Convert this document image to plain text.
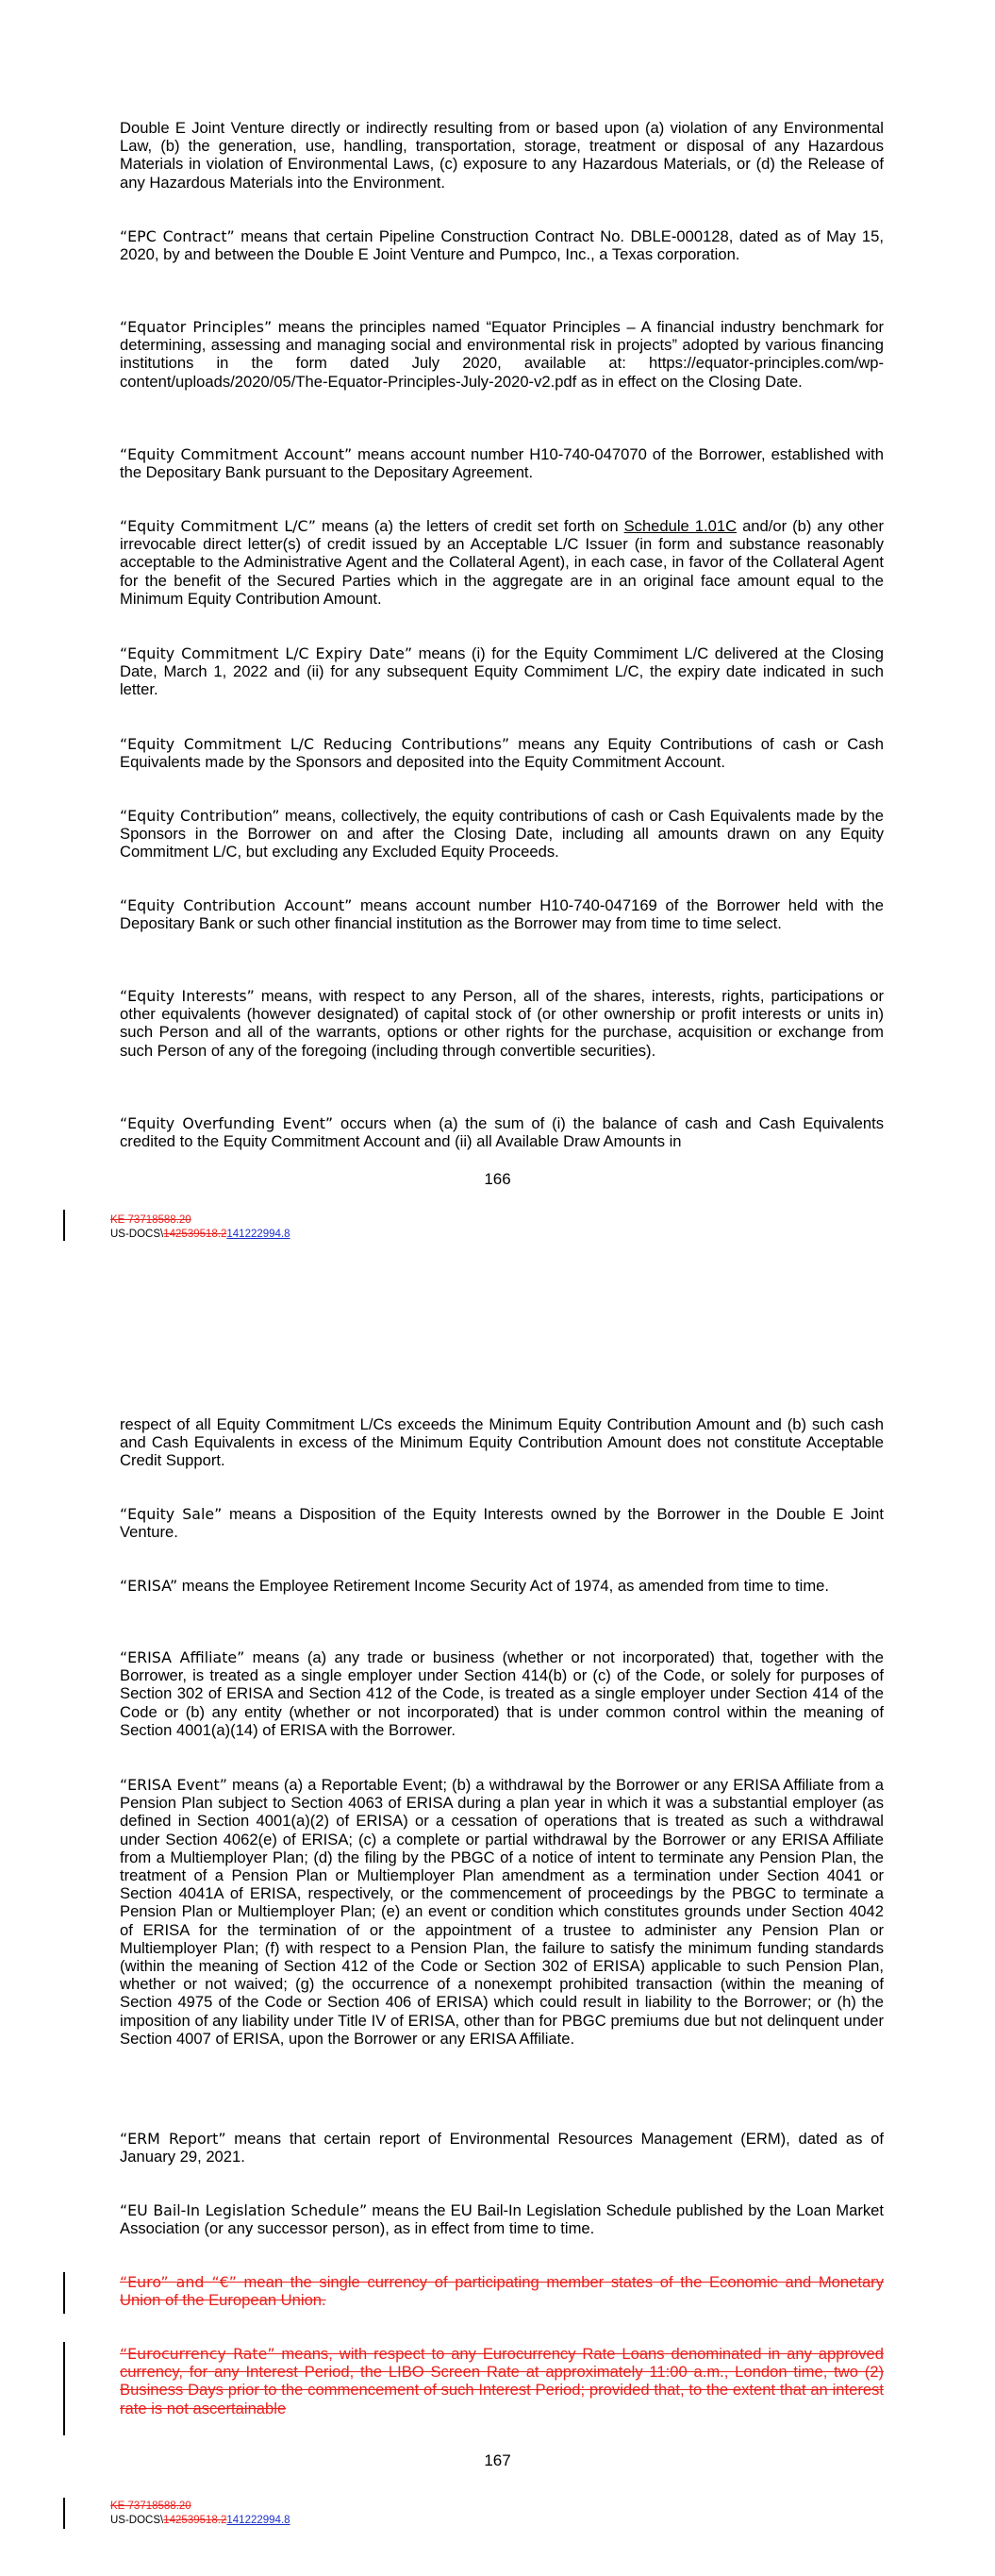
Double E Joint Venture directly or indirectly resulting from or based upon (a) violation of any Environmental Law, (b) the generation, use, handling, transportation, storage, treatment or disposal of any Hazardous Materials in violation of Environmental Laws, (c) exposure to any Hazardous Materials, or (d) the Release of any Hazardous Materials into the Environment.

“EPC Contract” means that certain Pipeline Construction Contract No. DBLE-000128, dated as of May 15, 2020, by and between the Double E Joint Venture and Pumpco, Inc., a Texas corporation.

“Equator Principles” means the principles named “Equator Principles – A financial industry benchmark for determining, assessing and managing social and environmental risk in projects” adopted by various financing institutions in the form dated July 2020, available at: https://equator-principles.com/wp-content/uploads/2020/05/The-Equator-Principles-July-2020-v2.pdf as in effect on the Closing Date.

“Equity Commitment Account” means account number H10-740-047070 of the Borrower, established with the Depositary Bank pursuant to the Depositary Agreement.

“Equity Commitment L/C” means (a) the letters of credit set forth on Schedule 1.01C and/or (b) any other irrevocable direct letter(s) of credit issued by an Acceptable L/C Issuer (in form and substance reasonably acceptable to the Administrative Agent and the Collateral Agent), in each case, in favor of the Collateral Agent for the benefit of the Secured Parties which in the aggregate are in an original face amount equal to the Minimum Equity Contribution Amount.

“Equity Commitment L/C Expiry Date” means (i) for the Equity Commiment L/C delivered at the Closing Date, March 1, 2022 and (ii) for any subsequent Equity Commiment L/C, the expiry date indicated in such letter.

“Equity Commitment L/C Reducing Contributions” means any Equity Contributions of cash or Cash Equivalents made by the Sponsors and deposited into the Equity Commitment Account.

“Equity Contribution” means, collectively, the equity contributions of cash or Cash Equivalents made by the Sponsors in the Borrower on and after the Closing Date, including all amounts drawn on any Equity Commitment L/C, but excluding any Excluded Equity Proceeds.

“Equity Contribution Account” means account number H10-740-047169 of the Borrower held with the Depositary Bank or such other financial institution as the Borrower may from time to time select.

“Equity Interests” means, with respect to any Person, all of the shares, interests, rights, participations or other equivalents (however designated) of capital stock of (or other ownership or profit interests or units in) such Person and all of the warrants, options or other rights for the purchase, acquisition or exchange from such Person of any of the foregoing (including through convertible securities).

“Equity Overfunding Event” occurs when (a) the sum of (i) the balance of cash and Cash Equivalents credited to the Equity Commitment Account and (ii) all Available Draw Amounts in

166
KE 73718588.20
US-DOCS\142539518.2141222994.8

respect of all Equity Commitment L/Cs exceeds the Minimum Equity Contribution Amount and (b) such cash and Cash Equivalents in excess of the Minimum Equity Contribution Amount does not constitute Acceptable Credit Support.

“Equity Sale” means a Disposition of the Equity Interests owned by the Borrower in the Double E Joint Venture.

“ERISA” means the Employee Retirement Income Security Act of 1974, as amended from time to time.

“ERISA Affiliate” means (a) any trade or business (whether or not incorporated) that, together with the Borrower, is treated as a single employer under Section 414(b) or (c) of the Code, or solely for purposes of Section 302 of ERISA and Section 412 of the Code, is treated as a single employer under Section 414 of the Code or (b) any entity (whether or not incorporated) that is under common control within the meaning of Section 4001(a)(14) of ERISA with the Borrower.

“ERISA Event” means (a) a Reportable Event; (b) a withdrawal by the Borrower or any ERISA Affiliate from a Pension Plan subject to Section 4063 of ERISA during a plan year in which it was a substantial employer (as defined in Section 4001(a)(2) of ERISA) or a cessation of operations that is treated as such a withdrawal under Section 4062(e) of ERISA; (c) a complete or partial withdrawal by the Borrower or any ERISA Affiliate from a Multiemployer Plan; (d) the filing by the PBGC of a notice of intent to terminate any Pension Plan, the treatment of a Pension Plan or Multiemployer Plan amendment as a termination under Section 4041 or Section 4041A of ERISA, respectively, or the commencement of proceedings by the PBGC to terminate a Pension Plan or Multiemployer Plan; (e) an event or condition which constitutes grounds under Section 4042 of ERISA for the termination of or the appointment of a trustee to administer any Pension Plan or Multiemployer Plan; (f) with respect to a Pension Plan, the failure to satisfy the minimum funding standards (within the meaning of Section 412 of the Code or Section 302 of ERISA) applicable to such Pension Plan, whether or not waived; (g) the occurrence of a nonexempt prohibited transaction (within the meaning of Section 4975 of the Code or Section 406 of ERISA) which could result in liability to the Borrower; or (h) the imposition of any liability under Title IV of ERISA, other than for PBGC premiums due but not delinquent under Section 4007 of ERISA, upon the Borrower or any ERISA Affiliate.

“ERM Report” means that certain report of Environmental Resources Management (ERM), dated as of January 29, 2021.

“EU Bail-In Legislation Schedule” means the EU Bail-In Legislation Schedule published by the Loan Market Association (or any successor person), as in effect from time to time.

“Euro” and “€” mean the single currency of participating member states of the Economic and Monetary Union of the European Union.

“Eurocurrency Rate” means, with respect to any Eurocurrency Rate Loans denominated in any approved currency, for any Interest Period, the LIBO Screen Rate at approximately 11:00 a.m., London time, two (2) Business Days prior to the commencement of such Interest Period; provided that, to the extent that an interest rate is not ascertainable

167
KE 73718588.20
US-DOCS\142539518.2141222994.8
